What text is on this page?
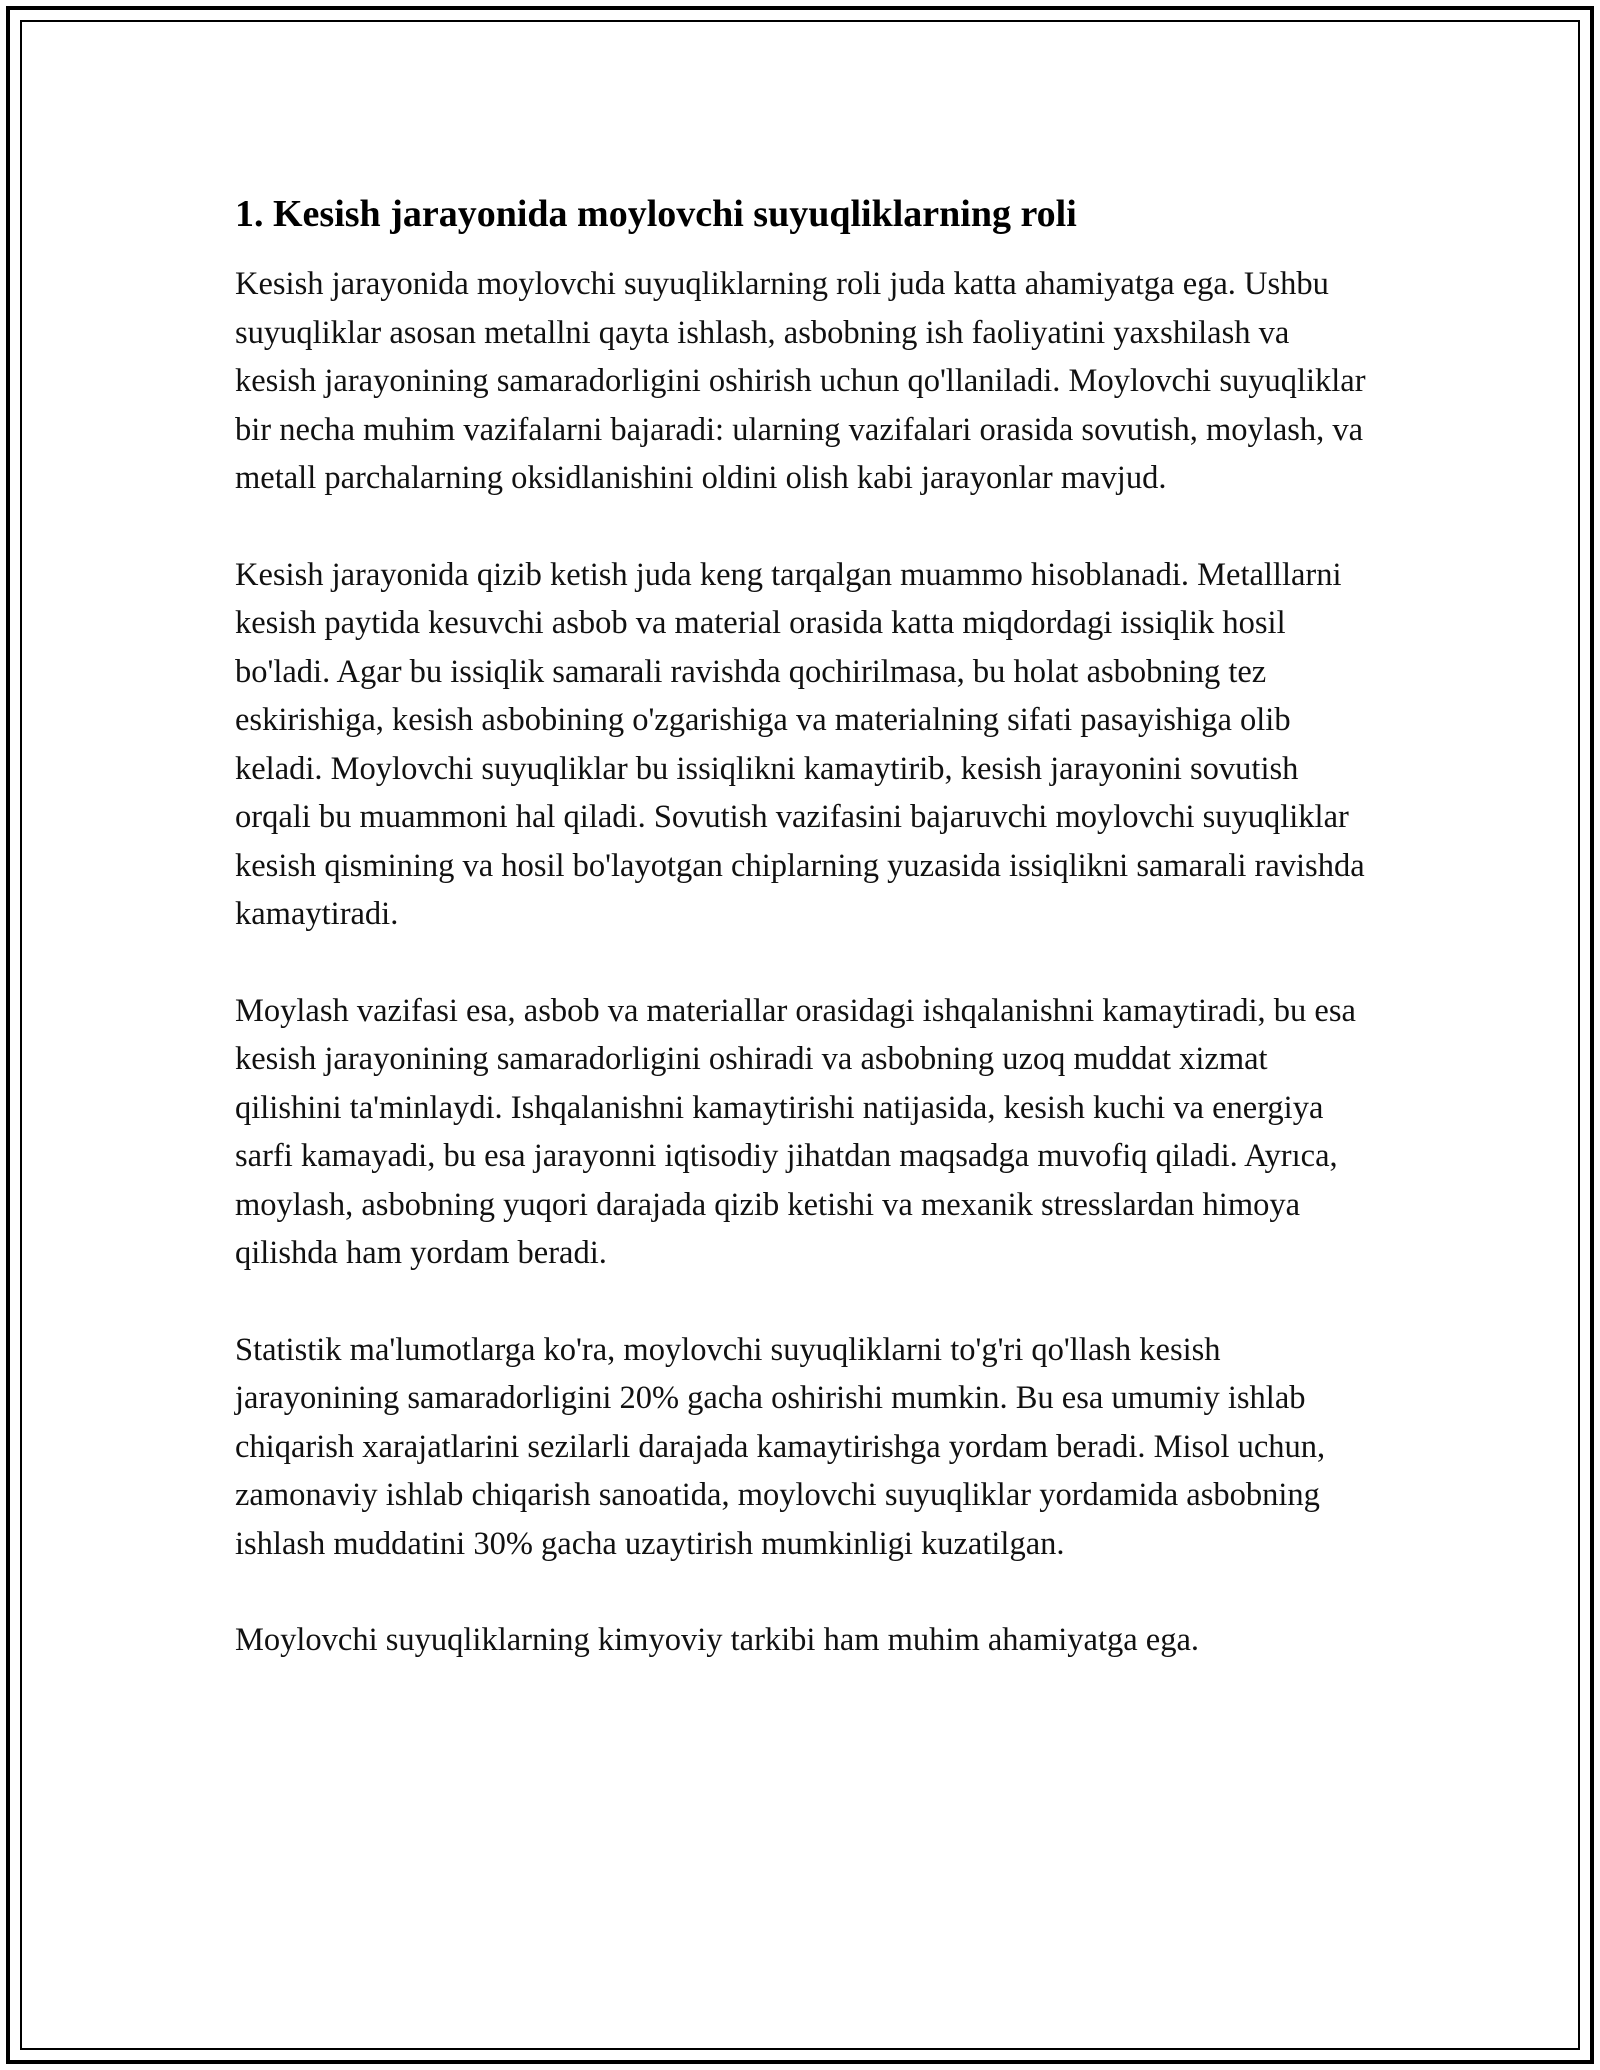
1. Kesish jarayonida moylovchi suyuqliklarning roli

Kesish jarayonida moylovchi suyuqliklarning roli juda katta ahamiyatga ega. Ushbu suyuqliklar asosan metallni qayta ishlash, asbobning ish faoliyatini yaxshilash va kesish jarayonining samaradorligini oshirish uchun qo'llaniladi. Moylovchi suyuqliklar bir necha muhim vazifalarni bajaradi: ularning vazifalari orasida sovutish, moylash, va metall parchalarning oksidlanishini oldini olish kabi jarayonlar mavjud.

Kesish jarayonida qizib ketish juda keng tarqalgan muammo hisoblanadi. Metalllarni kesish paytida kesuvchi asbob va material orasida katta miqdordagi issiqlik hosil bo'ladi. Agar bu issiqlik samarali ravishda qochirilmasa, bu holat asbobning tez eskirishiga, kesish asbobining o'zgarishiga va materialning sifati pasayishiga olib keladi. Moylovchi suyuqliklar bu issiqlikni kamaytirib, kesish jarayonini sovutish orqali bu muammoni hal qiladi. Sovutish vazifasini bajaruvchi moylovchi suyuqliklar kesish qismining va hosil bo'layotgan chiplarning yuzasida issiqlikni samarali ravishda kamaytiradi.

Moylash vazifasi esa, asbob va materiallar orasidagi ishqalanishni kamaytiradi, bu esa kesish jarayonining samaradorligini oshiradi va asbobning uzoq muddat xizmat qilishini ta'minlaydi. Ishqalanishni kamaytirishi natijasida, kesish kuchi va energiya sarfi kamayadi, bu esa jarayonni iqtisodiy jihatdan maqsadga muvofiq qiladi. Ayrıca, moylash, asbobning yuqori darajada qizib ketishi va mexanik stresslardan himoya qilishda ham yordam beradi.

Statistik ma'lumotlarga ko'ra, moylovchi suyuqliklarni to'g'ri qo'llash kesish jarayonining samaradorligini 20% gacha oshirishi mumkin. Bu esa umumiy ishlab chiqarish xarajatlarini sezilarli darajada kamaytirishga yordam beradi. Misol uchun, zamonaviy ishlab chiqarish sanoatida, moylovchi suyuqliklar yordamida asbobning ishlash muddatini 30% gacha uzaytirish mumkinligi kuzatilgan.

Moylovchi suyuqliklarning kimyoviy tarkibi ham muhim ahamiyatga ega.
